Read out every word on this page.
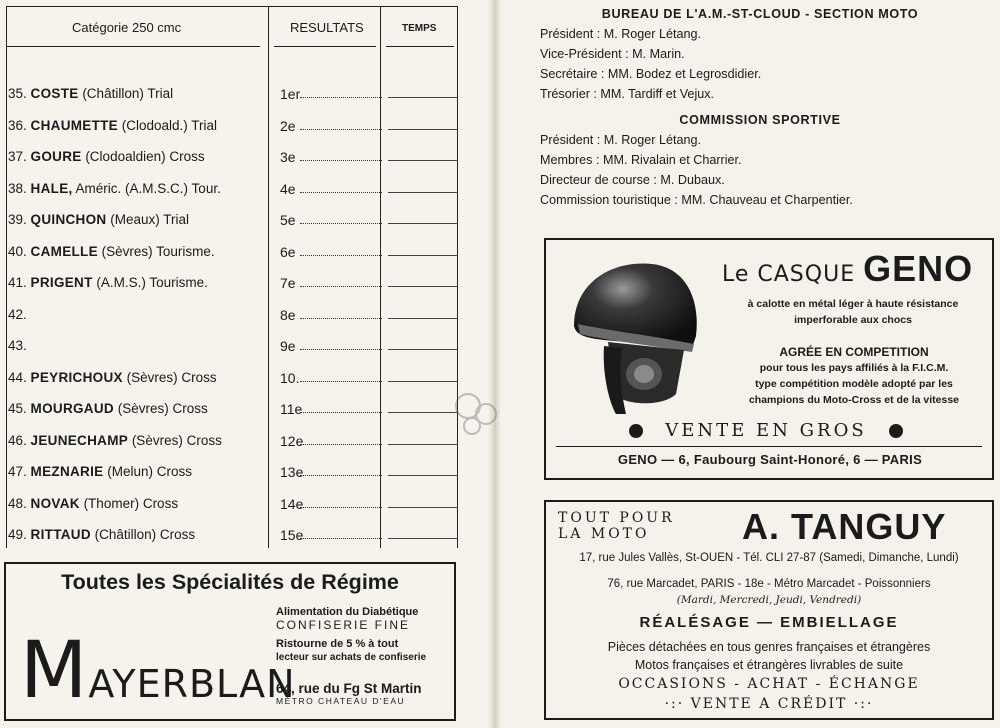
Catégorie 250 cmc	RESULTATS	TEMPS
35. COSTE (Châtillon) Trial	1er
36. CHAUMETTE (Clodoald.) Trial	2e
37. GOURE (Clodoaldien) Cross	3e
38. HALE, Améric. (A.M.S.C.) Tour.	4e
39. QUINCHON (Meaux) Trial	5e
40. CAMELLE (Sèvres) Tourisme.	6e
41. PRIGENT (A.M.S.) Tourisme.	7e
42.	8e
43.	9e
44. PEYRICHOUX (Sèvres) Cross	10.
45. MOURGAUD (Sèvres) Cross	11e
46. JEUNECHAMP (Sèvres) Cross	12e
47. MEZNARIE (Melun) Cross	13e
48. NOVAK (Thomer) Cross	14e
49. RITTAUD (Châtillon) Cross	15e
Toutes les Spécialités de Régime
MAYERBLAN
Alimentation du Diabétique
CONFISERIE FINE
Ristourne de 5 % à tout
lecteur sur achats de confiserie
64, rue du Fg St Martin
MÉTRO CHATEAU D'EAU
BUREAU DE L'A.M.-ST-CLOUD - SECTION MOTO
Président : M. Roger Létang.
Vice-Président : M. Marin.
Secrétaire : MM. Bodez et Legrosdidier.
Trésorier : MM. Tardiff et Vejux.
COMMISSION SPORTIVE
Président : M. Roger Létang.
Membres : MM. Rivalain et Charrier.
Directeur de course : M. Dubaux.
Commission touristique : MM. Chauveau et Charpentier.
Le CASQUE GENO
à calotte en métal léger à haute résistance
imperforable aux chocs
AGRÉE EN COMPETITION
pour tous les pays affiliés à la F.I.C.M.
type compétition modèle adopté par les
champions du Moto-Cross et de la vitesse
VENTE EN GROS
GENO — 6, Faubourg Saint-Honoré, 6 — PARIS
TOUT POUR
LA MOTO	A. TANGUY
17, rue Jules Vallès, St-OUEN - Tél. CLI 27-87 (Samedi, Dimanche, Lundi)
76, rue Marcadet, PARIS - 18e - Métro Marcadet - Poissonniers
(Mardi, Mercredi, Jeudi, Vendredi)
RÉALÉSAGE — EMBIELLAGE
Pièces détachées en tous genres françaises et étrangères
Motos françaises et étrangères livrables de suite
OCCASIONS - ACHAT - ÉCHANGE
·:· VENTE A CRÉDIT ·:·
